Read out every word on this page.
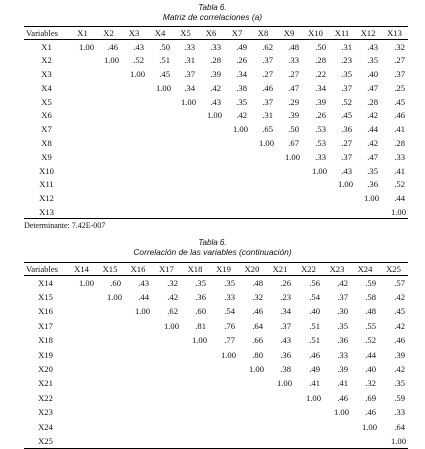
Tabla 6.
Matriz de correlaciones (a)
Variables	X1	X2	X3	X4	X5	X6	X7	X8	X9	X10	X11	X12	X13
X1	1.00	.46	.43	.50	.33	.33	.49	.62	.48	.50	.31	.43	.32
X2		1.00	.52	.51	.31	.28	.26	.37	.33	.28	.23	.35	.27
X3			1.00	.45	.37	.39	.34	.27	.27	.22	.35	.40	.37
X4				1.00	.34	.42	.38	.46	.47	.34	.37	.47	.25
X5					1.00	.43	.35	.37	.29	.39	.52	.28	.45
X6						1.00	.42	.31	.39	.26	.45	.42	.46
X7							1.00	.65	.50	.53	.36	.44	.41
X8								1.00	.67	.53	.27	.42	.28
X9									1.00	.33	.37	.47	.33
X10										1.00	.43	.35	.41
X11											1.00	.36	.52
X12												1.00	.44
X13													1.00
Determinante: 7.42E-007
Tabla 6.
Correlación de las variables (continuación)
Variables	X14	X15	X16	X17	X18	X19	X20	X21	X22	X23	X24	X25
X14	1.00	.60	.43	.32	.35	.35	.48	.26	.56	.42	.59	.57
X15		1.00	.44	.42	.36	.33	.32	.23	.54	.37	.58	.42
X16			1.00	.62	.60	.54	.46	.34	.40	.30	.48	.45
X17				1.00	.81	.76	.64	.37	.51	.35	.55	.42
X18					1.00	.77	.66	.43	.51	.36	.52	.46
X19						1.00	.80	.36	.46	.33	.44	.39
X20							1.00	.38	.49	.39	.40	.42
X21								1.00	.41	.41	.32	.35
X22									1.00	.46	.69	.59
X23										1.00	.46	.33
X24											1.00	.64
X25												1.00
